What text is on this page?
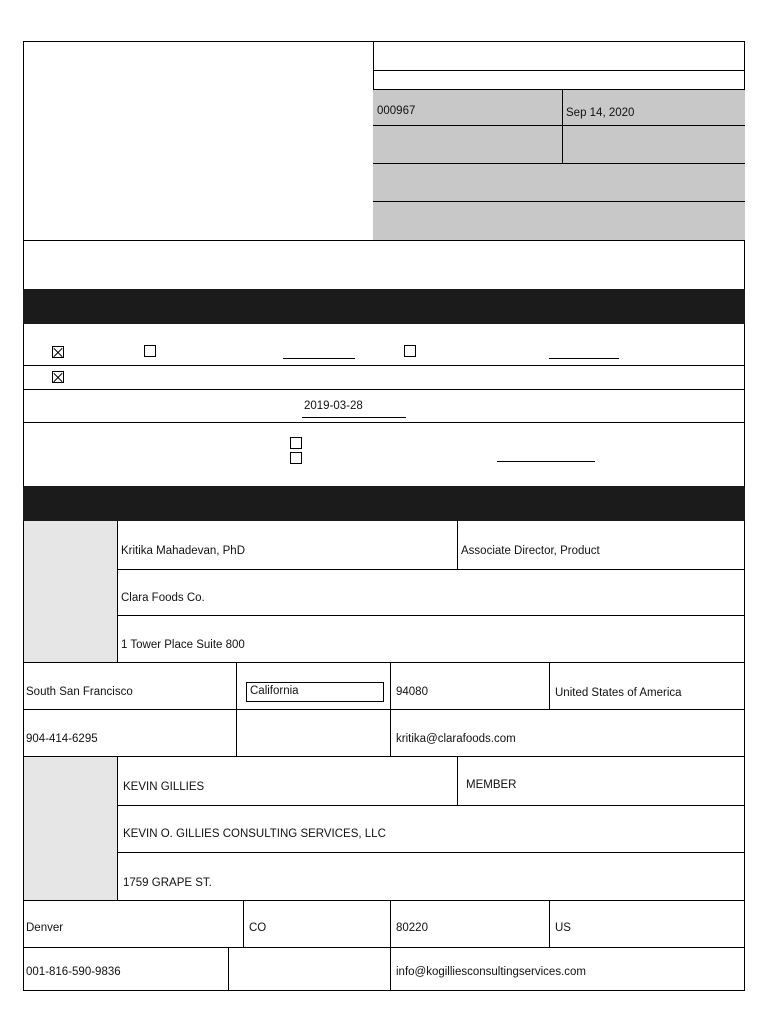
000967	Sep 14, 2020
2019-03-28
Kritika Mahadevan, PhD	Associate Director, Product
Clara Foods Co.
1 Tower Place Suite 800
South San Francisco	California	94080	United States of America
904-414-6295	kritika@clarafoods.com
KEVIN GILLIES	MEMBER
KEVIN O. GILLIES CONSULTING SERVICES, LLC
1759 GRAPE ST.
Denver	CO	80220	US
001-816-590-9836	info@kogilliesconsultingservices.com
